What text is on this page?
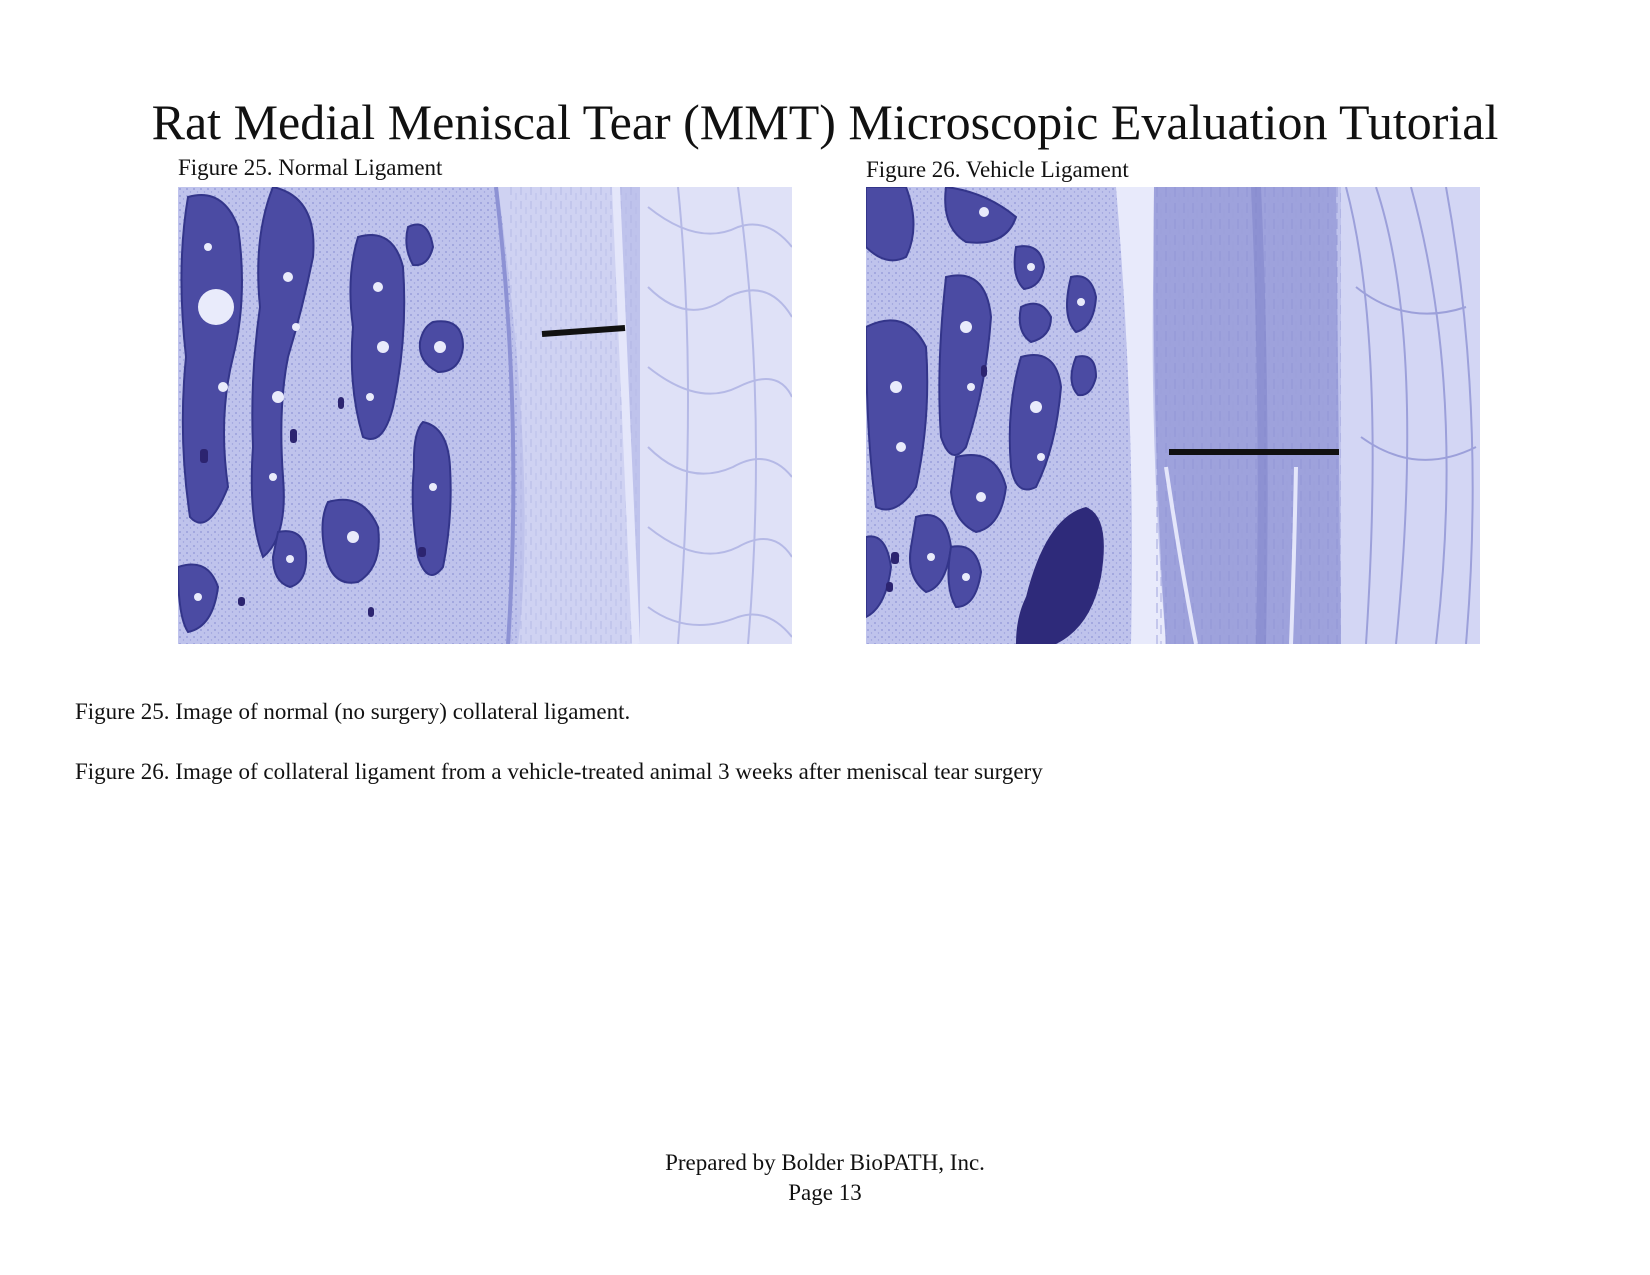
Rat Medial Meniscal Tear (MMT) Microscopic Evaluation Tutorial
Figure 25. Normal Ligament	Figure 26. Vehicle Ligament
Figure 25. Image of normal (no surgery) collateral ligament.
Figure 26. Image of collateral ligament from a vehicle-treated animal 3 weeks after meniscal tear surgery
Prepared by Bolder BioPATH, Inc.
Page 13
